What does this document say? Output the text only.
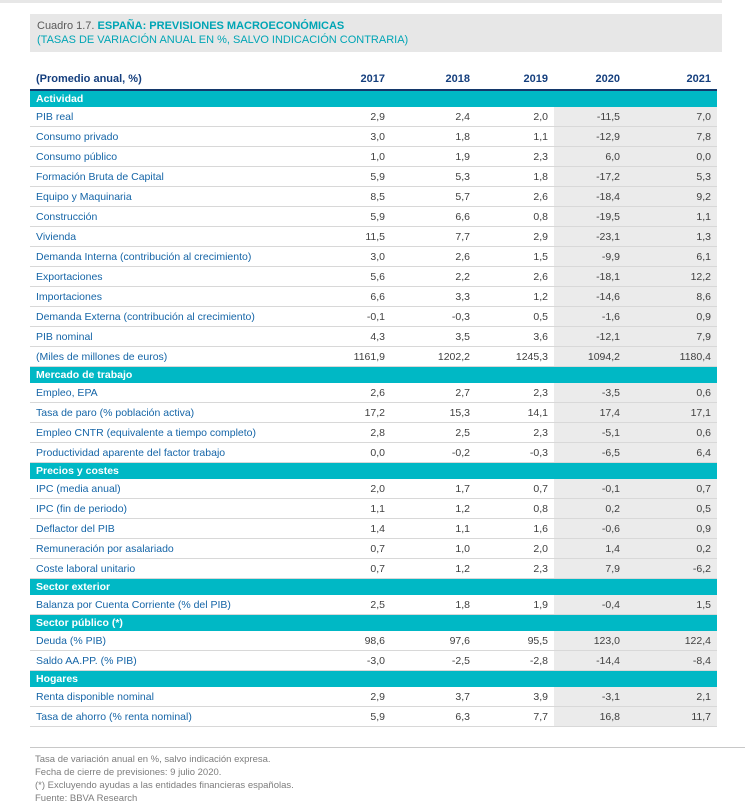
Cuadro 1.7. ESPAÑA: PREVISIONES MACROECONÓMICAS
(TASAS DE VARIACIÓN ANUAL EN %, SALVO INDICACIÓN CONTRARIA)
(Promedio anual, %)	2017	2018	2019	2020	2021
Actividad					
PIB real	2,9	2,4	2,0	-11,5	7,0
Consumo privado	3,0	1,8	1,1	-12,9	7,8
Consumo público	1,0	1,9	2,3	6,0	0,0
Formación Bruta de Capital	5,9	5,3	1,8	-17,2	5,3
Equipo y Maquinaria	8,5	5,7	2,6	-18,4	9,2
Construcción	5,9	6,6	0,8	-19,5	1,1
Vivienda	11,5	7,7	2,9	-23,1	1,3
Demanda Interna (contribución al crecimiento)	3,0	2,6	1,5	-9,9	6,1
Exportaciones	5,6	2,2	2,6	-18,1	12,2
Importaciones	6,6	3,3	1,2	-14,6	8,6
Demanda Externa (contribución al crecimiento)	-0,1	-0,3	0,5	-1,6	0,9
PIB nominal	4,3	3,5	3,6	-12,1	7,9
(Miles de millones de euros)	1161,9	1202,2	1245,3	1094,2	1180,4
Mercado de trabajo					
Empleo, EPA	2,6	2,7	2,3	-3,5	0,6
Tasa de paro (% población activa)	17,2	15,3	14,1	17,4	17,1
Empleo CNTR (equivalente a tiempo completo)	2,8	2,5	2,3	-5,1	0,6
Productividad aparente del factor trabajo	0,0	-0,2	-0,3	-6,5	6,4
Precios y costes					
IPC (media anual)	2,0	1,7	0,7	-0,1	0,7
IPC (fin de periodo)	1,1	1,2	0,8	0,2	0,5
Deflactor del PIB	1,4	1,1	1,6	-0,6	0,9
Remuneración por asalariado	0,7	1,0	2,0	1,4	0,2
Coste laboral unitario	0,7	1,2	2,3	7,9	-6,2
Sector exterior					
Balanza por Cuenta Corriente (% del PIB)	2,5	1,8	1,9	-0,4	1,5
Sector público (*)					
Deuda (% PIB)	98,6	97,6	95,5	123,0	122,4
Saldo AA.PP. (% PIB)	-3,0	-2,5	-2,8	-14,4	-8,4
Hogares					
Renta disponible nominal	2,9	3,7	3,9	-3,1	2,1
Tasa de ahorro (% renta nominal)	5,9	6,3	7,7	16,8	11,7
Tasa de variación anual en %, salvo indicación expresa.
Fecha de cierre de previsiones: 9 julio 2020.
(*) Excluyendo ayudas a las entidades financieras españolas.
Fuente: BBVA Research
